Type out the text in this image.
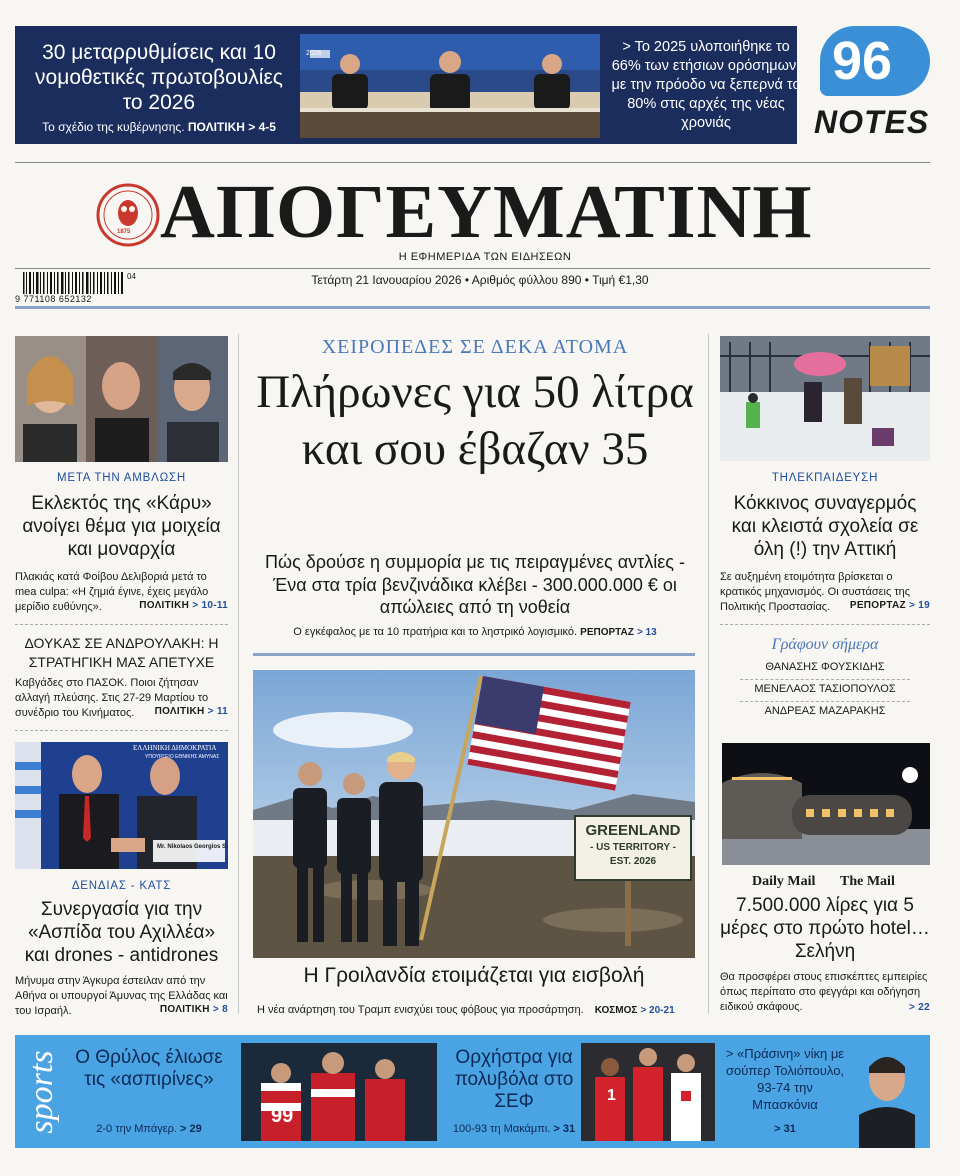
30 μεταρρυθμίσεις και 10 νομοθετικές πρωτοβουλίες το 2026
Το σχέδιο της κυβέρνησης. ΠΟΛΙΤΙΚΗ > 4-5
2026	> Το 2025 υλοποιήθηκε το 66% των ετήσιων ορόσημων, με την πρόοδο να ξεπερνά το 80% στις αρχές της νέας χρονιάς
96 fm
NOTES
1875 ΑΠΟΓΕΥΜΑΤΙΝΗ
Η ΕΦΗΜΕΡΙΔΑ ΤΩΝ ΕΙΔΗΣΕΩΝ
04
9 771108 652132
Τετάρτη 21 Ιανουαρίου 2026 • Αριθμός φύλλου 890 • Τιμή €1,30
ΜΕΤΑ ΤΗΝ ΑΜΒΛΩΣΗ
Εκλεκτός της «Κάρυ» ανοίγει θέμα για μοιχεία και μοναρχία
Πλακιάς κατά Φοίβου Δελιβοριά μετά το mea culpa: «Η ζημιά έγινε, έχεις μεγάλο μερίδιο ευθύνης».	ΠΟΛΙΤΙΚΗ > 10-11
ΔΟΥΚΑΣ ΣΕ ΑΝΔΡΟΥΛΑΚΗ: Η ΣΤΡΑΤΗΓΙΚΗ ΜΑΣ ΑΠΕΤΥΧΕ
Καβγάδες στο ΠΑΣΟΚ. Ποιοι ζήτησαν αλλαγή πλεύσης. Στις 27-29 Μαρτίου το συνέδριο του Κινήματος.	ΠΟΛΙΤΙΚΗ > 11
ΕΛΛΗΝΙΚΗ ΔΗΜΟΚΡΑΤΙΑ
ΥΠΟΥΡΓΕΙΟ ΕΘΝΙΚΗΣ ΑΜΥΝΑΣ
Mr. Nikolaos Georgios S.
ΔΕΝΔΙΑΣ - ΚΑΤΣ
Συνεργασία για την «Ασπίδα του Αχιλλέα» και drones - antidrones
Μήνυμα στην Άγκυρα έστειλαν από την Αθήνα οι υπουργοί Άμυνας της Ελλάδας και του Ισραήλ.	ΠΟΛΙΤΙΚΗ > 8
ΧΕΙΡΟΠΕΔΕΣ ΣΕ ΔΕΚΑ ΑΤΟΜΑ
Πλήρωνες για 50 λίτρα και σου έβαζαν 35
Πώς δρούσε η συμμορία με τις πειραγμένες αντλίες - Ένα στα τρία βενζινάδικα κλέβει - 300.000.000 € οι απώλειες από τη νοθεία
Ο εγκέφαλος με τα 10 πρατήρια και το ληστρικό λογισμικό. ΡΕΠΟΡΤΑΖ > 13
GREENLAND
- US TERRITORY -
EST. 2026
Η Γροιλανδία ετοιμάζεται για εισβολή
Η νέα ανάρτηση του Τραμπ ενισχύει τους φόβους για προσάρτηση. ΚΟΣΜΟΣ > 20-21
ΤΗΛΕΚΠΑΙΔΕΥΣΗ
Κόκκινος συναγερμός και κλειστά σχολεία σε όλη (!) την Αττική
Σε αυξημένη ετοιμότητα βρίσκεται ο κρατικός μηχανισμός. Οι συστάσεις της Πολιτικής Προστασίας.	ΡΕΠΟΡΤΑΖ > 19
Γράφουν σήμερα
ΘΑΝΑΣΗΣ ΦΟΥΣΚΙΔΗΣ
ΜΕΝΕΛΑΟΣ ΤΑΣΙΟΠΟΥΛΟΣ
ΑΝΔΡΕΑΣ ΜΑΖΑΡΑΚΗΣ
Daily Mail The Mail
7.500.000 λίρες για 5 μέρες στο πρώτο hotel… Σελήνη
Θα προσφέρει στους επισκέπτες εμπειρίες όπως περίπατο στο φεγγάρι και οδήγηση ειδικού σκάφους.	> 22
sports Ο Θρύλος έλιωσε τις «ασπιρίνες»
2-0 την Μπάγερ. > 29
99
Ορχήστρα για πολυβόλα στο ΣΕΦ
100-93 τη Μακάμπι. > 31
1
> «Πράσινη» νίκη με σούπερ Τολιόπουλο, 93-74 την Μπασκόνια
> 31
